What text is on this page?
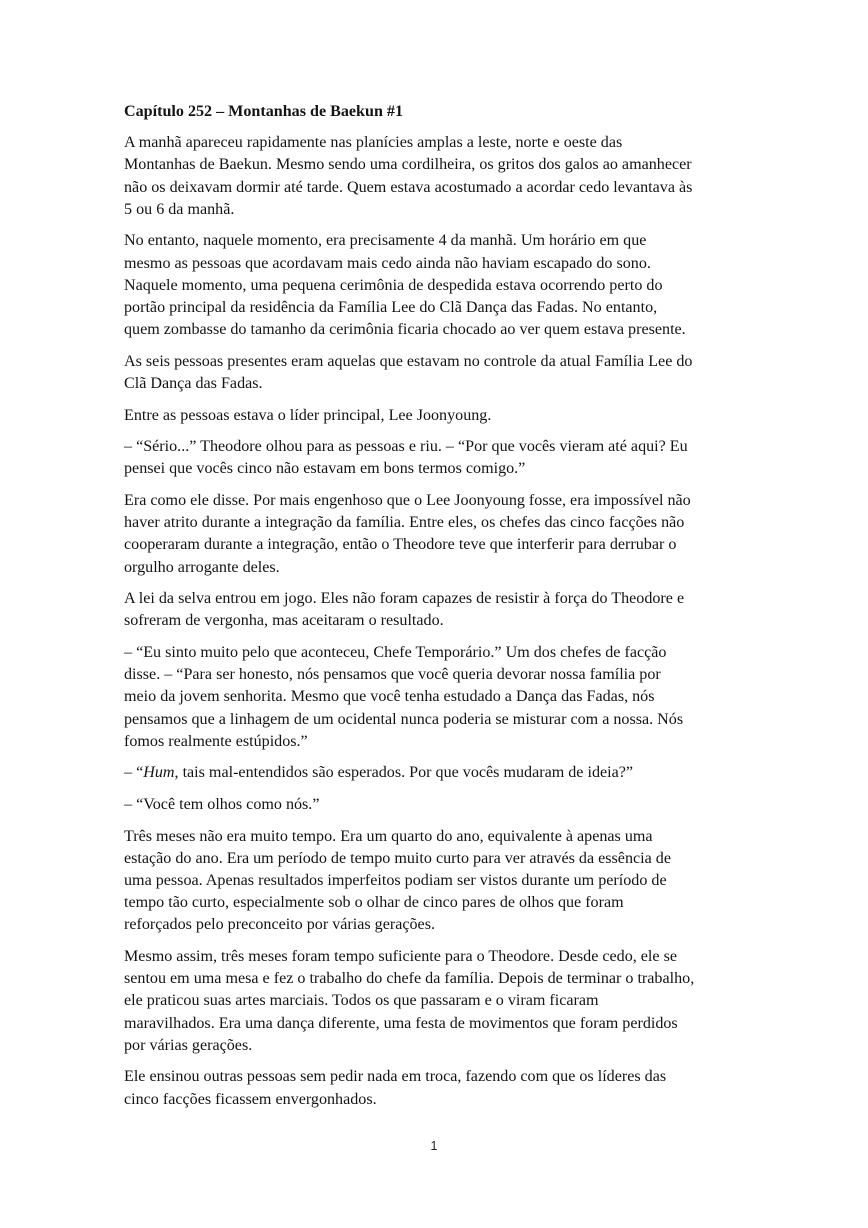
Capítulo 252 – Montanhas de Baekun #1

A manhã apareceu rapidamente nas planícies amplas a leste, norte e oeste das
Montanhas de Baekun. Mesmo sendo uma cordilheira, os gritos dos galos ao amanhecer
não os deixavam dormir até tarde. Quem estava acostumado a acordar cedo levantava às
5 ou 6 da manhã.

No entanto, naquele momento, era precisamente 4 da manhã. Um horário em que
mesmo as pessoas que acordavam mais cedo ainda não haviam escapado do sono.
Naquele momento, uma pequena cerimônia de despedida estava ocorrendo perto do
portão principal da residência da Família Lee do Clã Dança das Fadas. No entanto,
quem zombasse do tamanho da cerimônia ficaria chocado ao ver quem estava presente.

As seis pessoas presentes eram aquelas que estavam no controle da atual Família Lee do
Clã Dança das Fadas.

Entre as pessoas estava o líder principal, Lee Joonyoung.

– “Sério...” Theodore olhou para as pessoas e riu. – “Por que vocês vieram até aqui? Eu
pensei que vocês cinco não estavam em bons termos comigo.”

Era como ele disse. Por mais engenhoso que o Lee Joonyoung fosse, era impossível não
haver atrito durante a integração da família. Entre eles, os chefes das cinco facções não
cooperaram durante a integração, então o Theodore teve que interferir para derrubar o
orgulho arrogante deles.

A lei da selva entrou em jogo. Eles não foram capazes de resistir à força do Theodore e
sofreram de vergonha, mas aceitaram o resultado.

– “Eu sinto muito pelo que aconteceu, Chefe Temporário.” Um dos chefes de facção
disse. – “Para ser honesto, nós pensamos que você queria devorar nossa família por
meio da jovem senhorita. Mesmo que você tenha estudado a Dança das Fadas, nós
pensamos que a linhagem de um ocidental nunca poderia se misturar com a nossa. Nós
fomos realmente estúpidos.”

– “Hum, tais mal-entendidos são esperados. Por que vocês mudaram de ideia?”

– “Você tem olhos como nós.”

Três meses não era muito tempo. Era um quarto do ano, equivalente à apenas uma
estação do ano. Era um período de tempo muito curto para ver através da essência de
uma pessoa. Apenas resultados imperfeitos podiam ser vistos durante um período de
tempo tão curto, especialmente sob o olhar de cinco pares de olhos que foram
reforçados pelo preconceito por várias gerações.

Mesmo assim, três meses foram tempo suficiente para o Theodore. Desde cedo, ele se
sentou em uma mesa e fez o trabalho do chefe da família. Depois de terminar o trabalho,
ele praticou suas artes marciais. Todos os que passaram e o viram ficaram
maravilhados. Era uma dança diferente, uma festa de movimentos que foram perdidos
por várias gerações.

Ele ensinou outras pessoas sem pedir nada em troca, fazendo com que os líderes das
cinco facções ficassem envergonhados.

1
